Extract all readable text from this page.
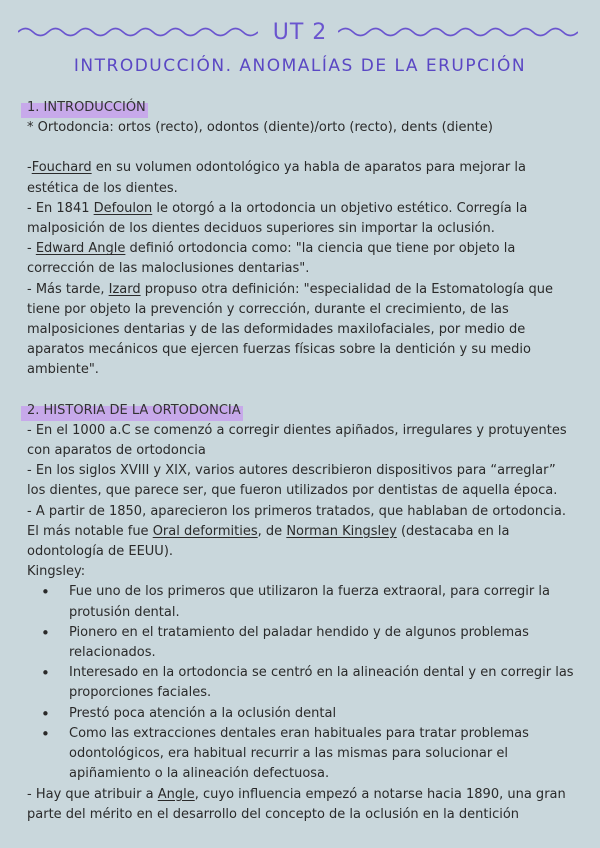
UT 2
INTRODUCCIÓN. ANOMALÍAS DE LA ERUPCIÓN

1. INTRODUCCIÓN

* Ortodoncia: ortos (recto), odontos (diente)/orto (recto), dents (diente)

-Fouchard en su volumen odontológico ya habla de aparatos para mejorar la estética de los dientes.

- En 1841 Defoulon le otorgó a la ortodoncia un objetivo estético. Corregía la malposición de los dientes deciduos superiores sin importar la oclusión.

- Edward Angle definió ortodoncia como: "la ciencia que tiene por objeto la corrección de las maloclusiones dentarias".

- Más tarde, Izard propuso otra definición: "especialidad de la Estomatología que tiene por objeto la prevención y corrección, durante el crecimiento, de las malposiciones dentarias y de las deformidades maxilofaciales, por medio de aparatos mecánicos que ejercen fuerzas físicas sobre la dentición y su medio ambiente".

2. HISTORIA DE LA ORTODONCIA

- En el 1000 a.C se comenzó a corregir dientes apiñados, irregulares y protuyentes con aparatos de ortodoncia

- En los siglos XVIII y XIX, varios autores describieron dispositivos para “arreglar” los dientes, que parece ser, que fueron utilizados por dentistas de aquella época.

- A partir de 1850, aparecieron los primeros tratados, que hablaban de ortodoncia. El más notable fue Oral deformities, de Norman Kingsley (destacaba en la odontología de EEUU).

Kingsley:

• Fue uno de los primeros que utilizaron la fuerza extraoral, para corregir la protusión dental.
• Pionero en el tratamiento del paladar hendido y de algunos problemas relacionados.
• Interesado en la ortodoncia se centró en la alineación dental y en corregir las proporciones faciales.
• Prestó poca atención a la oclusión dental
• Como las extracciones dentales eran habituales para tratar problemas odontológicos, era habitual recurrir a las mismas para solucionar el apiñamiento o la alineación defectuosa.

- Hay que atribuir a Angle, cuyo influencia empezó a notarse hacia 1890, una gran parte del mérito en el desarrollo del concepto de la oclusión en la dentición
